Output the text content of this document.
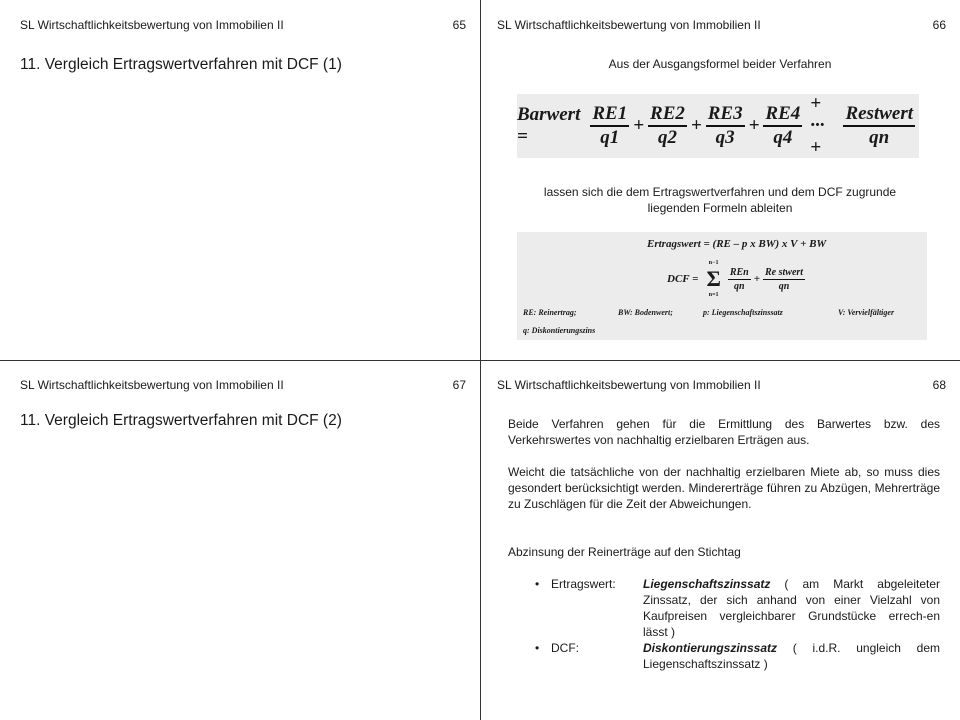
SL Wirtschaftlichkeitsbewertung von Immobilien II	65
11. Vergleich Ertragswertverfahren mit DCF (1)
SL Wirtschaftlichkeitsbewertung von Immobilien II	66
Aus der Ausgangsformel beider Verfahren
Barwert =	$\frac{RE1}{q1} + \frac{RE2}{q2} + \frac{RE3}{q3} + \frac{RE4}{q4}$ + ··· +	$\frac{\text{Restwert}}{qn}$
lassen sich die dem Ertragswertverfahren und dem DCF zugrunde
liegenden Formeln ableiten
Ertragswert = (RE – p x BW) x V + BW
DCF =
n−1
Σ
n=1
REn
qn
+
Re stwert
qn
RE: Reinertrag;	BW: Bodenwert;	p: Liegenschaftszinssatz	V: Vervielfältiger
q: Diskontierungszins
SL Wirtschaftlichkeitsbewertung von Immobilien II	67
11. Vergleich Ertragswertverfahren mit DCF (2)
SL Wirtschaftlichkeitsbewertung von Immobilien II	68
Beide Verfahren gehen für die Ermittlung des Barwertes bzw. des Verkehrswertes von nachhaltig erzielbaren Erträgen aus.
Weicht die tatsächliche von der nachhaltig erzielbaren Miete ab, so muss dies gesondert berücksichtigt werden. Mindererträge führen zu Abzügen, Mehrerträge zu Zuschlägen für die Zeit der Abweichungen.
Abzinsung der Reinerträge auf den Stichtag
• Ertragswert:	Liegenschaftszinssatz ( am Markt abgeleiteter Zinssatz, der sich anhand von einer Vielzahl von Kaufpreisen vergleichbarer Grundstücke errech-en lässt )
• DCF:	Diskontierungszinssatz ( i.d.R. ungleich dem Liegenschaftszinssatz )
